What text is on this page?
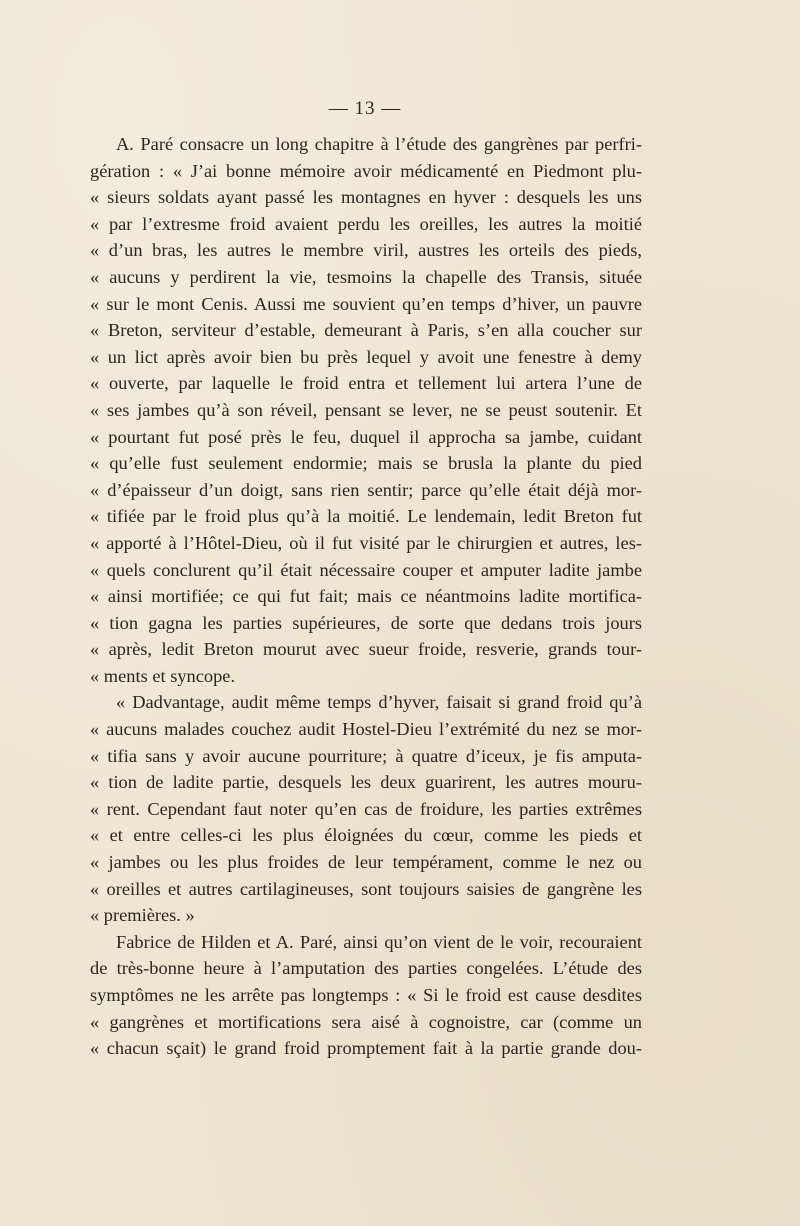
— 13 —
A. Paré consacre un long chapitre à l’étude des gangrènes par perfri-
gération : « J’ai bonne mémoire avoir médicamenté en Piedmont plu-
« sieurs soldats ayant passé les montagnes en hyver : desquels les uns
« par l’extresme froid avaient perdu les oreilles, les autres la moitié
« d’un bras, les autres le membre viril, austres les orteils des pieds,
« aucuns y perdirent la vie, tesmoins la chapelle des Transis, située
« sur le mont Cenis. Aussi me souvient qu’en temps d’hiver, un pauvre
« Breton, serviteur d’estable, demeurant à Paris, s’en alla coucher sur
« un lict après avoir bien bu près lequel y avoit une fenestre à demy
« ouverte, par laquelle le froid entra et tellement lui artera l’une de
« ses jambes qu’à son réveil, pensant se lever, ne se peust soutenir. Et
« pourtant fut posé près le feu, duquel il approcha sa jambe, cuidant
« qu’elle fust seulement endormie; mais se brusla la plante du pied
« d’épaisseur d’un doigt, sans rien sentir; parce qu’elle était déjà mor-
« tifiée par le froid plus qu’à la moitié. Le lendemain, ledit Breton fut
« apporté à l’Hôtel-Dieu, où il fut visité par le chirurgien et autres, les-
« quels conclurent qu’il était nécessaire couper et amputer ladite jambe
« ainsi mortifiée; ce qui fut fait; mais ce néantmoins ladite mortifica-
« tion gagna les parties supérieures, de sorte que dedans trois jours
« après, ledit Breton mourut avec sueur froide, resverie, grands tour-
« ments et syncope.
« Dadvantage, audit même temps d’hyver, faisait si grand froid qu’à
« aucuns malades couchez audit Hostel-Dieu l’extrémité du nez se mor-
« tifia sans y avoir aucune pourriture; à quatre d’iceux, je fis amputa-
« tion de ladite partie, desquels les deux guarirent, les autres mouru-
« rent. Cependant faut noter qu’en cas de froidure, les parties extrêmes
« et entre celles-ci les plus éloignées du cœur, comme les pieds et
« jambes ou les plus froides de leur tempérament, comme le nez ou
« oreilles et autres cartilagineuses, sont toujours saisies de gangrène les
« premières. »
Fabrice de Hilden et A. Paré, ainsi qu’on vient de le voir, recouraient
de très-bonne heure à l’amputation des parties congelées. L’étude des
symptômes ne les arrête pas longtemps : « Si le froid est cause desdites
« gangrènes et mortifications sera aisé à cognoistre, car (comme un
« chacun sçait) le grand froid promptement fait à la partie grande dou-
